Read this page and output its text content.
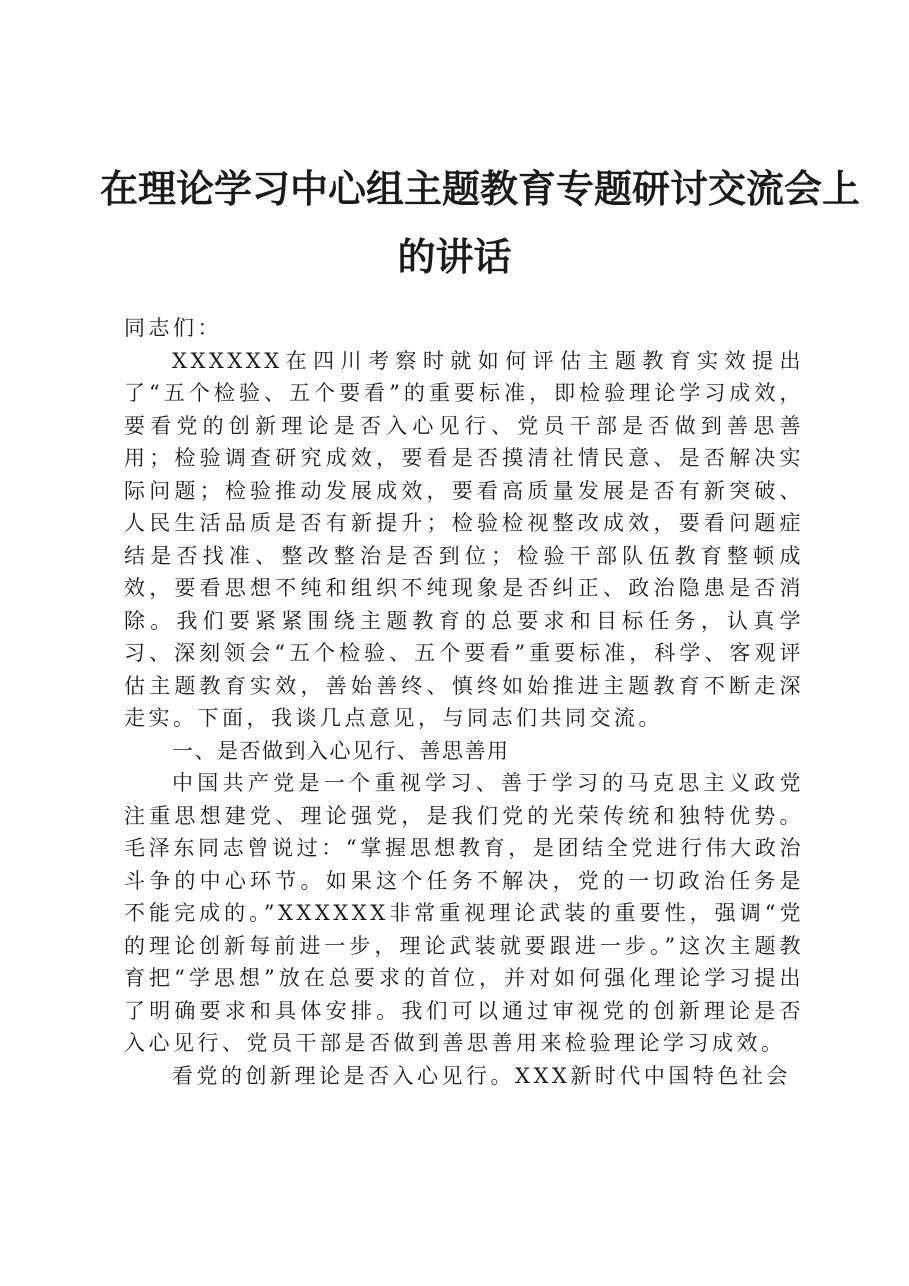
在理论学习中心组主题教育专题研讨交流会上
的讲话

同志们：

XXXXXX在四川考察时就如何评估主题教育实效提出了“五个检验、五个要看”的重要标准，即检验理论学习成效，要看党的创新理论是否入心见行、党员干部是否做到善思善用；检验调查研究成效，要看是否摸清社情民意、是否解决实际问题；检验推动发展成效，要看高质量发展是否有新突破、人民生活品质是否有新提升；检验检视整改成效，要看问题症结是否找准、整改整治是否到位；检验干部队伍教育整顿成效，要看思想不纯和组织不纯现象是否纠正、政治隐患是否消除。我们要紧紧围绕主题教育的总要求和目标任务，认真学习、深刻领会“五个检验、五个要看”重要标准，科学、客观评估主题教育实效，善始善终、慎终如始推进主题教育不断走深走实。下面，我谈几点意见，与同志们共同交流。

一、是否做到入心见行、善思善用

中国共产党是一个重视学习、善于学习的马克思主义政党注重思想建党、理论强党，是我们党的光荣传统和独特优势。毛泽东同志曾说过：“掌握思想教育，是团结全党进行伟大政治斗争的中心环节。如果这个任务不解决，党的一切政治任务是不能完成的。”XXXXXX非常重视理论武装的重要性，强调“党的理论创新每前进一步，理论武装就要跟进一步。”这次主题教育把“学思想”放在总要求的首位，并对如何强化理论学习提出了明确要求和具体安排。我们可以通过审视党的创新理论是否入心见行、党员干部是否做到善思善用来检验理论学习成效。

看党的创新理论是否入心见行。XXX新时代中国特色社会
